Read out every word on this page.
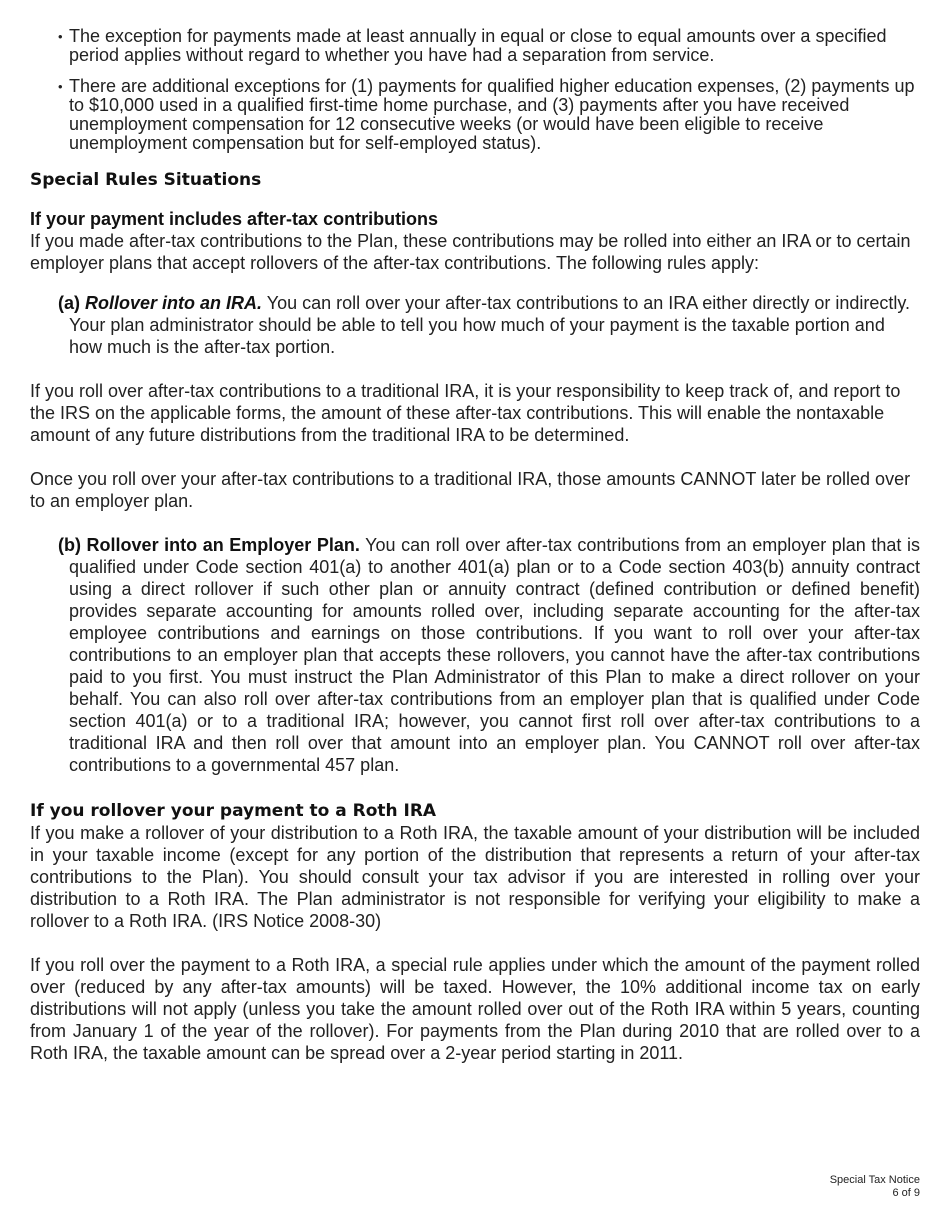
• The exception for payments made at least annually in equal or close to equal amounts over a specified period applies without regard to whether you have had a separation from service.

• There are additional exceptions for (1) payments for qualified higher education expenses, (2) payments up to $10,000 used in a qualified first-time home purchase, and (3) payments after you have received unemployment compensation for 12 consecutive weeks (or would have been eligible to receive unemployment compensation but for self-employed status).

Special Rules Situations
If your payment includes after-tax contributions

If you made after-tax contributions to the Plan, these contributions may be rolled into either an IRA or to certain employer plans that accept rollovers of the after-tax contributions. The following rules apply:

(a) Rollover into an IRA. You can roll over your after-tax contributions to an IRA either directly or indirectly. Your plan administrator should be able to tell you how much of your payment is the taxable portion and how much is the after-tax portion.

If you roll over after-tax contributions to a traditional IRA, it is your responsibility to keep track of, and report to the IRS on the applicable forms, the amount of these after-tax contributions. This will enable the nontaxable amount of any future distributions from the traditional IRA to be determined.

Once you roll over your after-tax contributions to a traditional IRA, those amounts CANNOT later be rolled over to an employer plan.

(b) Rollover into an Employer Plan. You can roll over after-tax contributions from an employer plan that is qualified under Code section 401(a) to another 401(a) plan or to a Code section 403(b) annuity contract using a direct rollover if such other plan or annuity contract (defined contribution or defined benefit) provides separate accounting for amounts rolled over, including separate accounting for the after-tax employee contributions and earnings on those contributions. If you want to roll over your after-tax contributions to an employer plan that accepts these rollovers, you cannot have the after-tax contributions paid to you first. You must instruct the Plan Administrator of this Plan to make a direct rollover on your behalf. You can also roll over after-tax contributions from an employer plan that is qualified under Code section 401(a) or to a traditional IRA; however, you cannot first roll over after-tax contributions to a traditional IRA and then roll over that amount into an employer plan. You CANNOT roll over after-tax contributions to a governmental 457 plan.

If you rollover your payment to a Roth IRA

If you make a rollover of your distribution to a Roth IRA, the taxable amount of your distribution will be included in your taxable income (except for any portion of the distribution that represents a return of your after-tax contributions to the Plan). You should consult your tax advisor if you are interested in rolling over your distribution to a Roth IRA. The Plan administrator is not responsible for verifying your eligibility to make a rollover to a Roth IRA. (IRS Notice 2008-30)

If you roll over the payment to a Roth IRA, a special rule applies under which the amount of the payment rolled over (reduced by any after-tax amounts) will be taxed. However, the 10% additional income tax on early distributions will not apply (unless you take the amount rolled over out of the Roth IRA within 5 years, counting from January 1 of the year of the rollover). For payments from the Plan during 2010 that are rolled over to a Roth IRA, the taxable amount can be spread over a 2-year period starting in 2011.

Special Tax Notice
6 of 9
